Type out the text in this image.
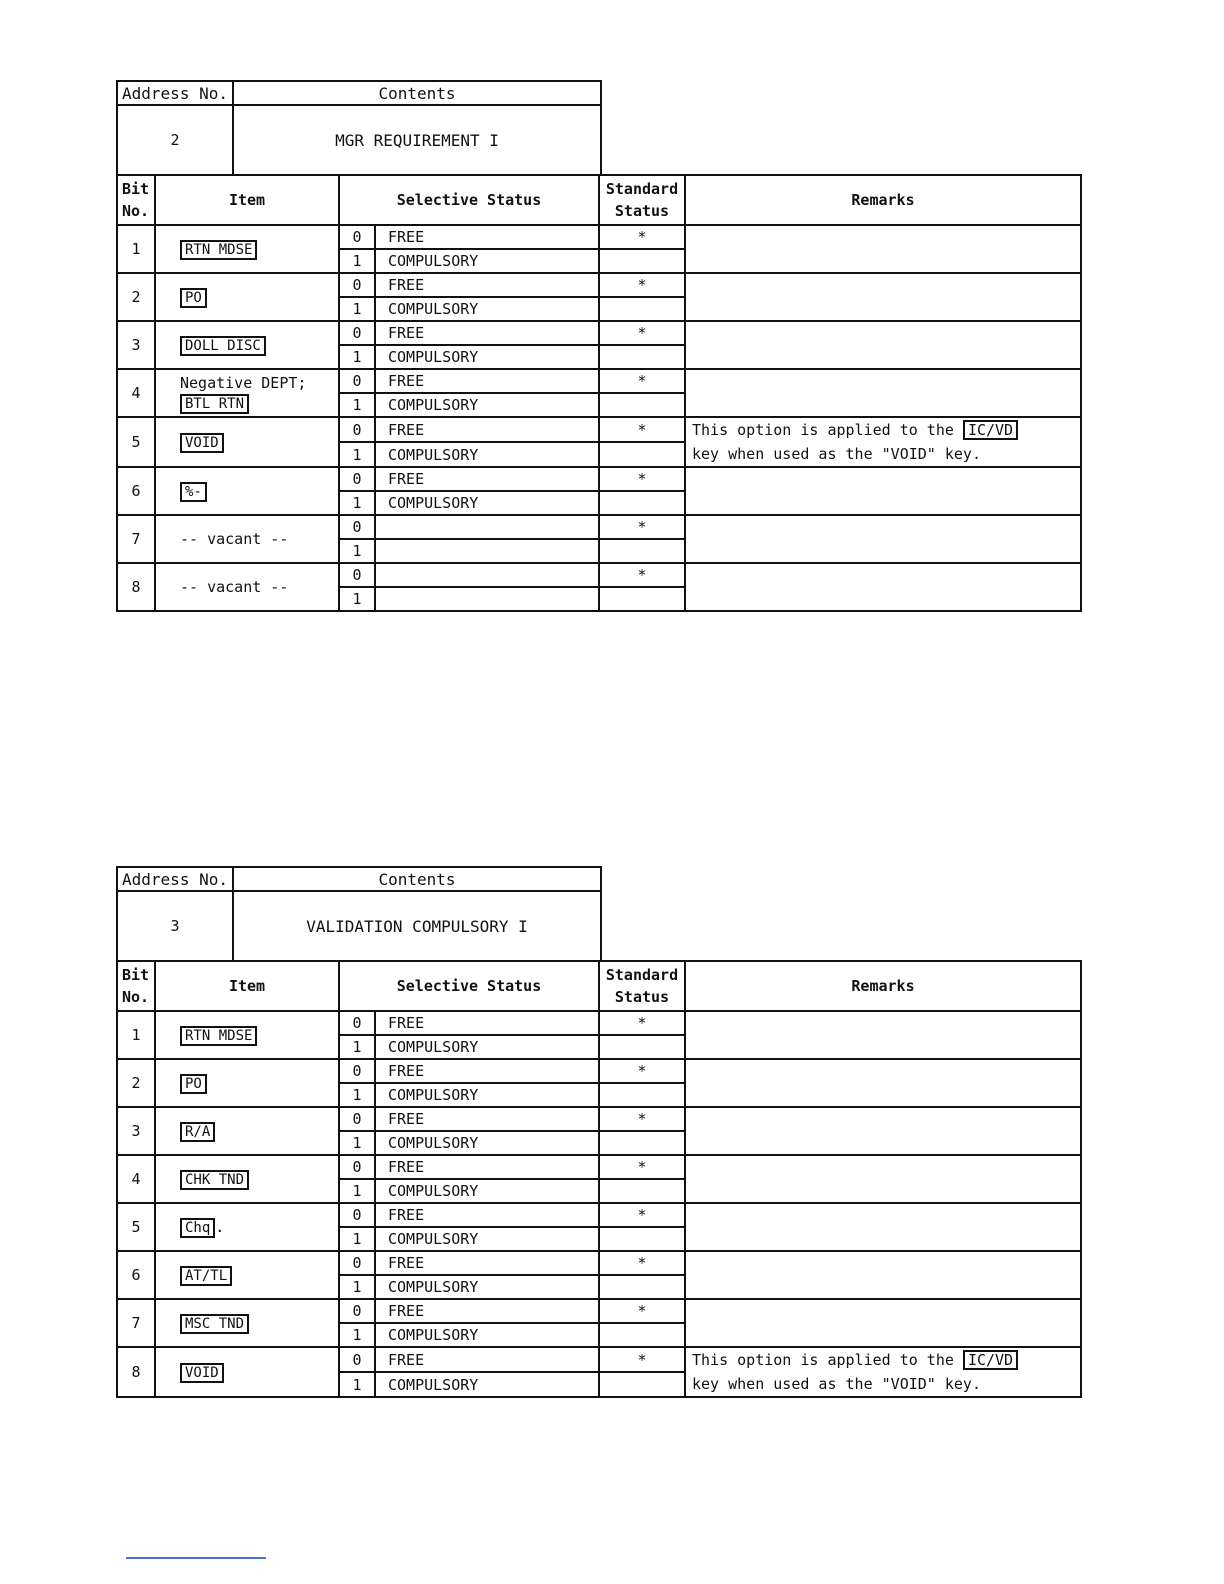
Address No.	Contents
2	MGR REQUIREMENT I
Bit
No.	Item	Selective Status		Standard
Status	Remarks
1	RTN MDSE	0	FREE	*	
		1	COMPULSORY		
2	PO	0	FREE	*	
		1	COMPULSORY		
3	DOLL DISC	0	FREE	*	
		1	COMPULSORY		
4	Negative DEPT;
BTL RTN	0	FREE	*	
		1	COMPULSORY		
5	VOID	0	FREE	*	This option is applied to the IC/VD
key when used as the "VOID" key.

		1	COMPULSORY		
6	%-	0	FREE	*	
		1	COMPULSORY		
7	-- vacant --	0		*	
		1			
8	-- vacant --	0		*	
		1			
Address No.	Contents
3	VALIDATION COMPULSORY I
Bit
No.	Item	Selective Status		Standard
Status	Remarks
1	RTN MDSE	0	FREE	*	
		1	COMPULSORY		
2	PO	0	FREE	*	
		1	COMPULSORY		
3	R/A	0	FREE	*	
		1	COMPULSORY		
4	CHK TND	0	FREE	*	
		1	COMPULSORY		
5	Chq .	0	FREE	*	
		1	COMPULSORY		
6	AT/TL	0	FREE	*	
		1	COMPULSORY		
7	MSC TND	0	FREE	*	
		1	COMPULSORY		
8	VOID	0	FREE	*	This option is applied to the IC/VD
key when used as the "VOID" key.

		1	COMPULSORY		
